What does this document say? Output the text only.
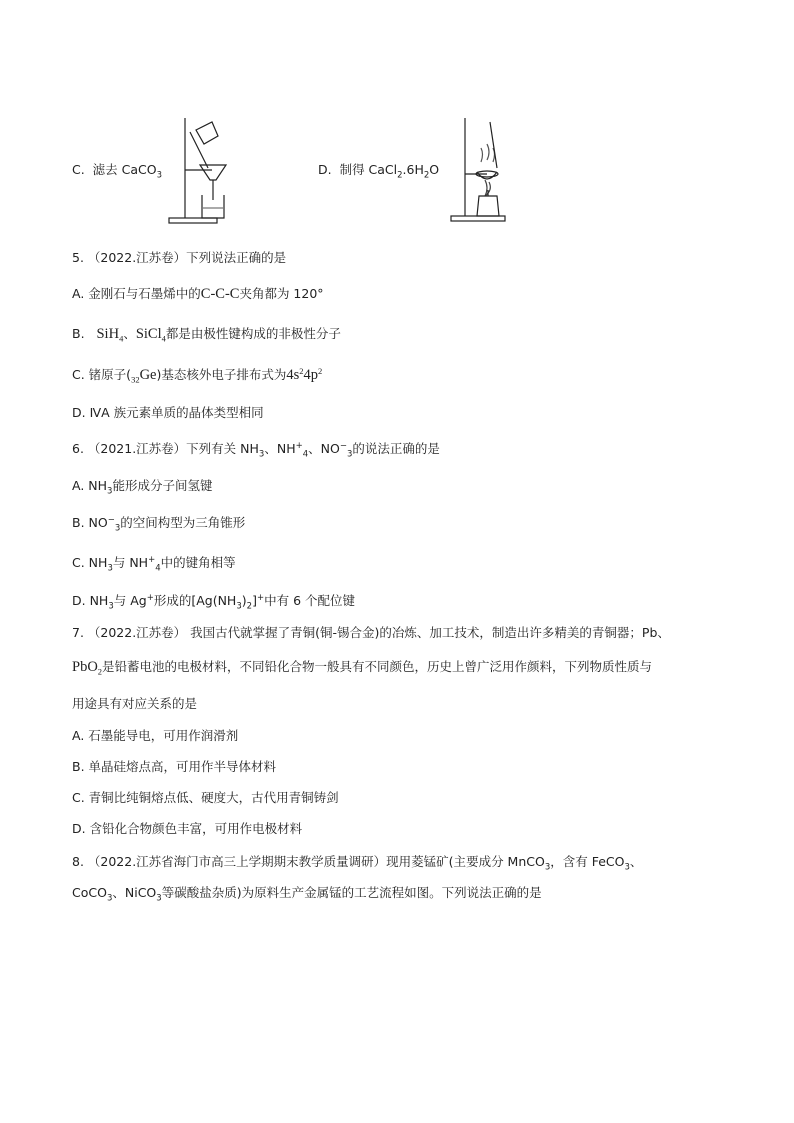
C. 滤去 CaCO$_3$	D. 制得 $CaCl_2.6H_2O$
5. （2022.江苏卷）下列说法正确的是
A. 金刚石与石墨烯中的C-C-C夹角都为 120°
B. SiH$_4$、SiCl$_4$都是由极性键构成的非极性分子
C. 锗原子$(_{32}Ge)$基态核外电子排布式为$4s^24p^2$
D. ⅣA 族元素单质的晶体类型相同
6. （2021.江苏卷）下列有关 $NH_3$、$NH^+_4$、$NO^-_3$的说法正确的是
A. $NH_3$能形成分子间氢键
B. $NO^-_3$的空间构型为三角锥形
C. $NH_3$与 $NH^+_4$中的键角相等
D. $NH_3$与 Ag+形成的$[Ag(NH_3)_2]^+$中有 6 个配位键
7. （2022.江苏卷） 我国古代就掌握了青铜(铜-锡合金)的冶炼、加工技术，制造出许多精美的青铜器；Pb、
PbO$_2$是铅蓄电池的电极材料，不同铅化合物一般具有不同颜色，历史上曾广泛用作颜料，下列物质性质与
用途具有对应关系的是
A. 石墨能导电，可用作润滑剂
B. 单晶硅熔点高，可用作半导体材料
C. 青铜比纯铜熔点低、硬度大，古代用青铜铸剑
D. 含铅化合物颜色丰富，可用作电极材料
8. （2022.江苏省海门市高三上学期期末教学质量调研）现用菱锰矿(主要成分 MnCO$_3$，含有 FeCO$_3$、
CoCO$_3$、NiCO$_3$等碳酸盐杂质)为原料生产金属锰的工艺流程如图。下列说法正确的是
